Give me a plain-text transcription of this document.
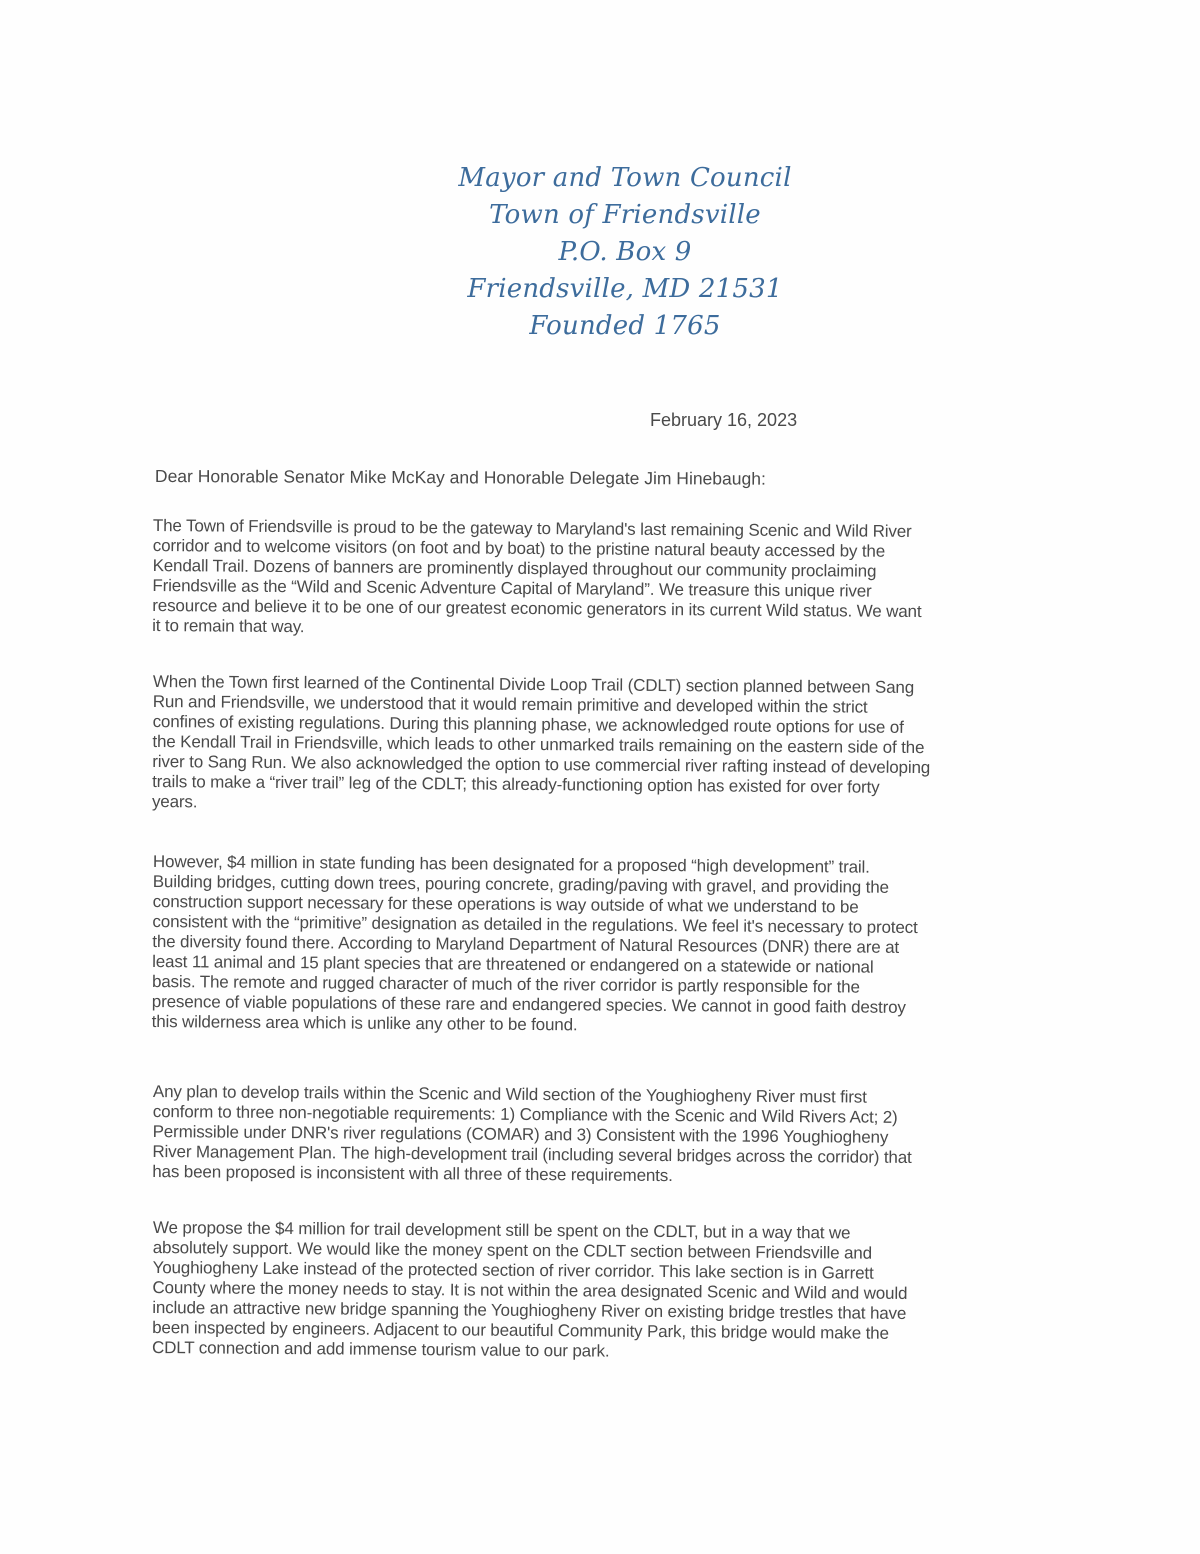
Mayor and Town Council
Town of Friendsville
P.O. Box 9
Friendsville, MD 21531
Founded 1765
February 16, 2023
Dear Honorable Senator Mike McKay and Honorable Delegate Jim Hinebaugh:
The Town of Friendsville is proud to be the gateway to Maryland's last remaining Scenic and Wild River
corridor and to welcome visitors (on foot and by boat) to the pristine natural beauty accessed by the
Kendall Trail. Dozens of banners are prominently displayed throughout our community proclaiming
Friendsville as the “Wild and Scenic Adventure Capital of Maryland”. We treasure this unique river
resource and believe it to be one of our greatest economic generators in its current Wild status. We want
it to remain that way.
When the Town first learned of the Continental Divide Loop Trail (CDLT) section planned between Sang
Run and Friendsville, we understood that it would remain primitive and developed within the strict
confines of existing regulations. During this planning phase, we acknowledged route options for use of
the Kendall Trail in Friendsville, which leads to other unmarked trails remaining on the eastern side of the
river to Sang Run. We also acknowledged the option to use commercial river rafting instead of developing
trails to make a “river trail” leg of the CDLT; this already-functioning option has existed for over forty
years.
However, $4 million in state funding has been designated for a proposed “high development” trail.
Building bridges, cutting down trees, pouring concrete, grading/paving with gravel, and providing the
construction support necessary for these operations is way outside of what we understand to be
consistent with the “primitive” designation as detailed in the regulations. We feel it's necessary to protect
the diversity found there. According to Maryland Department of Natural Resources (DNR) there are at
least 11 animal and 15 plant species that are threatened or endangered on a statewide or national
basis. The remote and rugged character of much of the river corridor is partly responsible for the
presence of viable populations of these rare and endangered species. We cannot in good faith destroy
this wilderness area which is unlike any other to be found.
Any plan to develop trails within the Scenic and Wild section of the Youghiogheny River must first
conform to three non-negotiable requirements: 1) Compliance with the Scenic and Wild Rivers Act; 2)
Permissible under DNR's river regulations (COMAR) and 3) Consistent with the 1996 Youghiogheny
River Management Plan. The high-development trail (including several bridges across the corridor) that
has been proposed is inconsistent with all three of these requirements.
We propose the $4 million for trail development still be spent on the CDLT, but in a way that we
absolutely support. We would like the money spent on the CDLT section between Friendsville and
Youghiogheny Lake instead of the protected section of river corridor. This lake section is in Garrett
County where the money needs to stay. It is not within the area designated Scenic and Wild and would
include an attractive new bridge spanning the Youghiogheny River on existing bridge trestles that have
been inspected by engineers. Adjacent to our beautiful Community Park, this bridge would make the
CDLT connection and add immense tourism value to our park.
